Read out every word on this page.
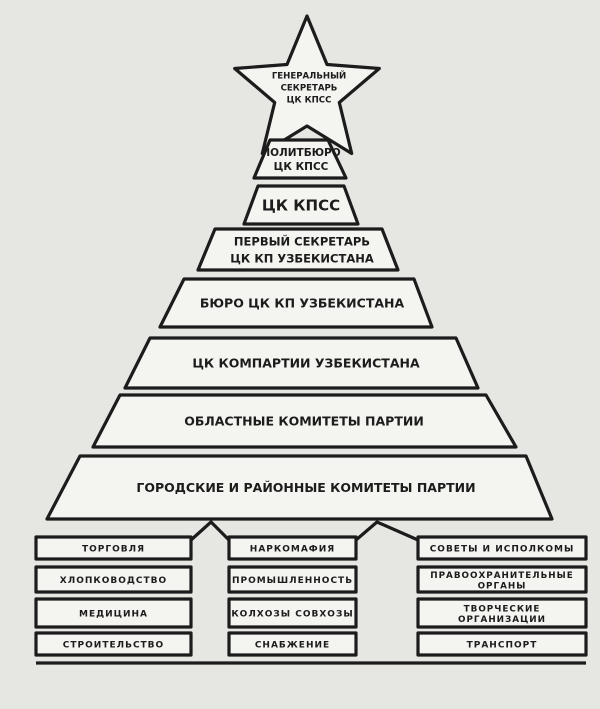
ГЕНЕРАЛЬНЫЙ
СЕКРЕТАРЬ
ЦК КПСС
ПОЛИТБЮРО
ЦК КПСС
ЦК КПСС
ПЕРВЫЙ СЕКРЕТАРЬ
ЦК КП УЗБЕКИСТАНА
БЮРО ЦК КП УЗБЕКИСТАНА
ЦК КОМПАРТИИ УЗБЕКИСТАНА
ОБЛАСТНЫЕ КОМИТЕТЫ ПАРТИИ
ГОРОДСКИЕ И РАЙОННЫЕ КОМИТЕТЫ ПАРТИИ
ТОРГОВЛЯ
ХЛОПКОВОДСТВО
МЕДИЦИНА
СТРОИТЕЛЬСТВО
НАРКОМАФИЯ
ПРОМЫШЛЕННОСТЬ
КОЛХОЗЫ СОВХОЗЫ
СНАБЖЕНИЕ
СОВЕТЫ И ИСПОЛКОМЫ
ПРАВООХРАНИТЕЛЬНЫЕ
ОРГАНЫ
ТВОРЧЕСКИЕ
ОРГАНИЗАЦИИ
ТРАНСПОРТ
